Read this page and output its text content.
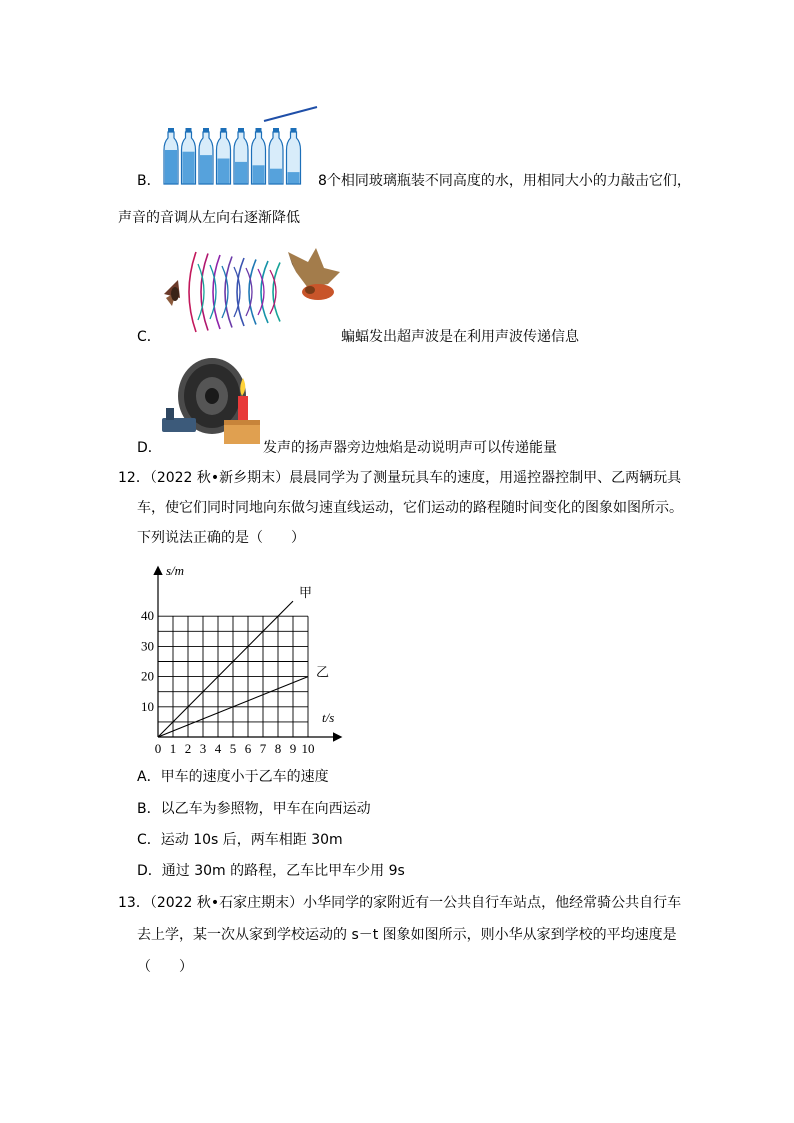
B．	8个相同玻璃瓶装不同高度的水，用相同大小的力敲击它们，
声音的音调从左向右逐渐降低
C．	蝙蝠发出超声波是在利用声波传递信息
D．	发声的扬声器旁边烛焰是动说明声可以传递能量
12．（2022 秋•新乡期末）晨晨同学为了测量玩具车的速度，用遥控器控制甲、乙两辆玩具
车，使它们同时同地向东做匀速直线运动，它们运动的路程随时间变化的图象如图所示。
下列说法正确的是（　　）
0 1 2 3 4 5 6 7 8 9 10
10
20
30
40
s/m
t/s
甲
乙
A．甲车的速度小于乙车的速度
B．以乙车为参照物，甲车在向西运动
C．运动 10s 后，两车相距 30m
D．通过 30m 的路程，乙车比甲车少用 9s
13．（2022 秋•石家庄期末）小华同学的家附近有一公共自行车站点，他经常骑公共自行车
去上学，某一次从家到学校运动的 s－t 图象如图所示，则小华从家到学校的平均速度是
（　　）
